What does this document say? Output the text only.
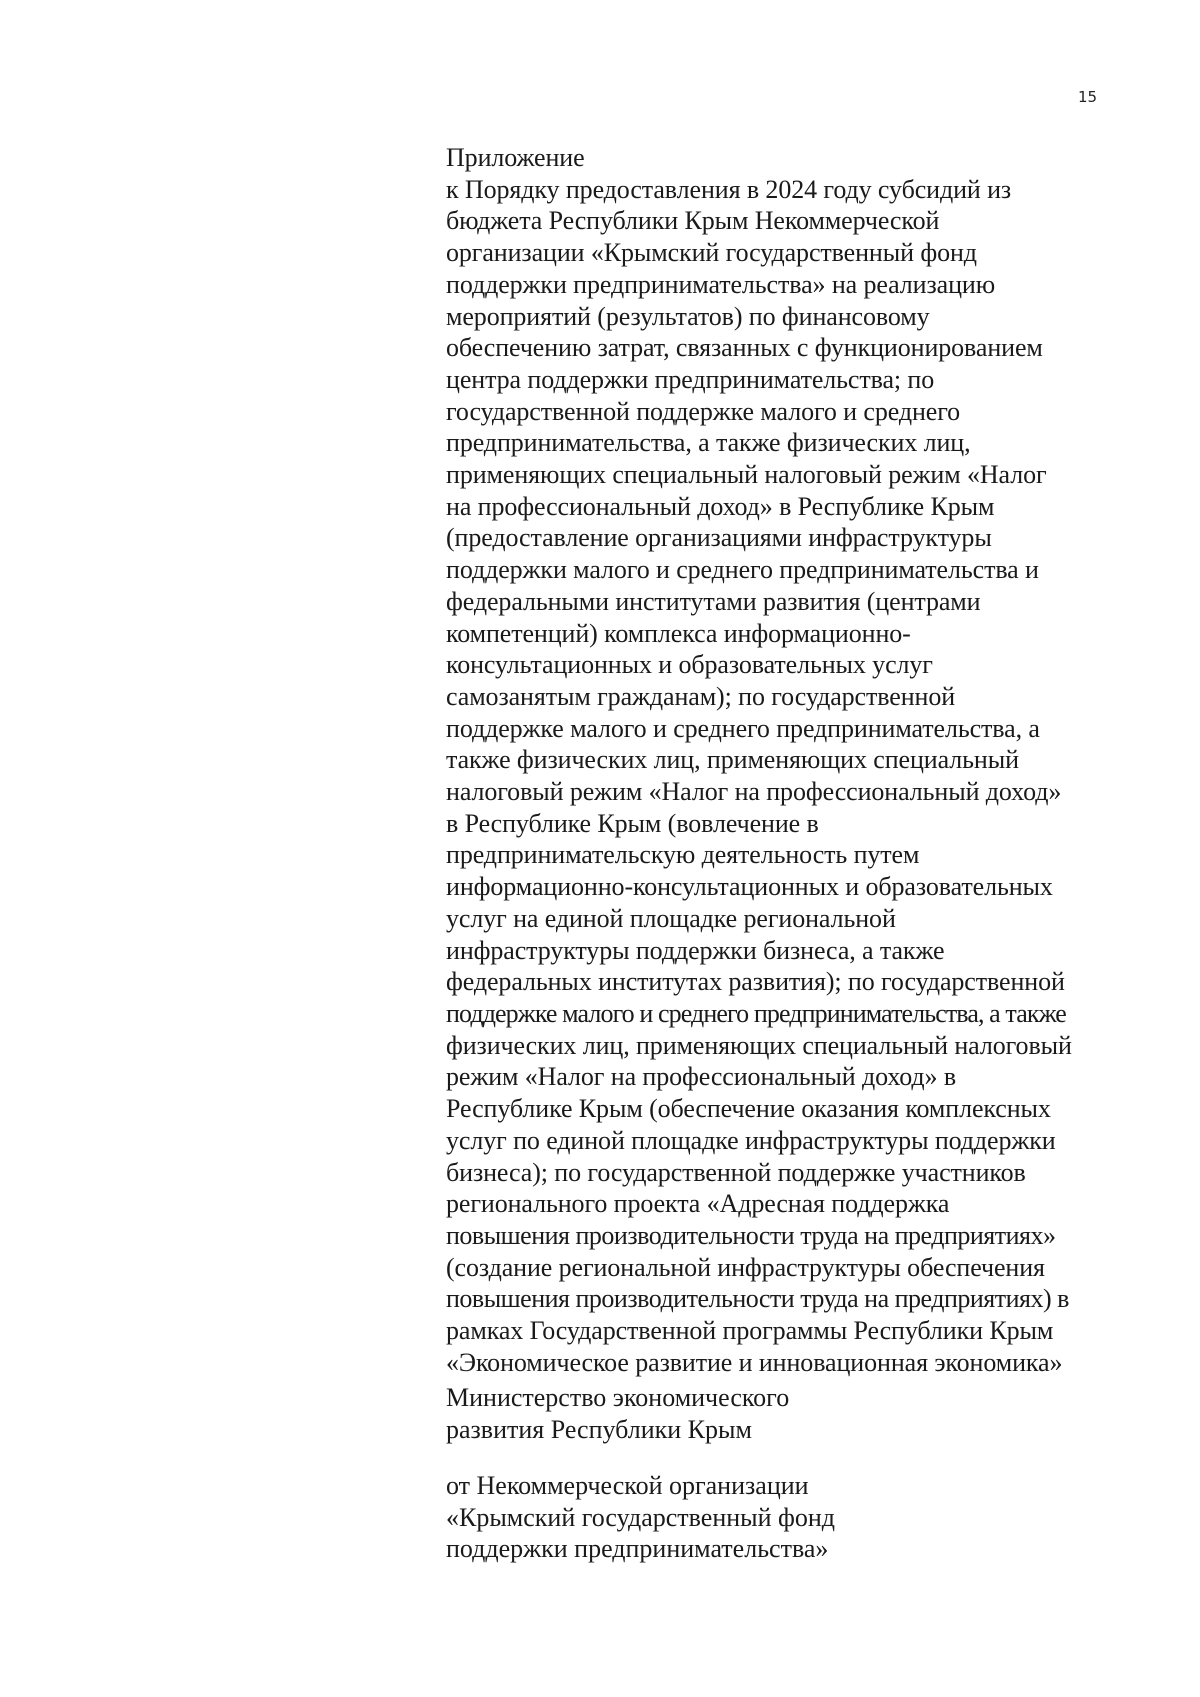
15
Приложение
к Порядку предоставления в 2024 году субсидий из
бюджета Республики Крым Некоммерческой
организации «Крымский государственный фонд
поддержки предпринимательства» на реализацию
мероприятий (результатов) по финансовому
обеспечению затрат, связанных с функционированием
центра поддержки предпринимательства; по
государственной поддержке малого и среднего
предпринимательства, а также физических лиц,
применяющих специальный налоговый режим «Налог
на профессиональный доход» в Республике Крым
(предоставление организациями инфраструктуры
поддержки малого и среднего предпринимательства и
федеральными институтами развития (центрами
компетенций) комплекса информационно-
консультационных и образовательных услуг
самозанятым гражданам); по государственной
поддержке малого и среднего предпринимательства, а
также физических лиц, применяющих специальный
налоговый режим «Налог на профессиональный доход»
в Республике Крым (вовлечение в
предпринимательскую деятельность путем
информационно-консультационных и образовательных
услуг на единой площадке региональной
инфраструктуры поддержки бизнеса, а также
федеральных институтах развития); по государственной
поддержке малого и среднего предпринимательства, а также
физических лиц, применяющих специальный налоговый
режим «Налог на профессиональный доход» в
Республике Крым (обеспечение оказания комплексных
услуг по единой площадке инфраструктуры поддержки
бизнеса); по государственной поддержке участников
регионального проекта «Адресная поддержка
повышения производительности труда на предприятиях»
(создание региональной инфраструктуры обеспечения
повышения производительности труда на предприятиях) в
рамках Государственной программы Республики Крым
«Экономическое развитие и инновационная экономика»
Министерство экономического
развития Республики Крым
от Некоммерческой организации
«Крымский государственный фонд
поддержки предпринимательства»
